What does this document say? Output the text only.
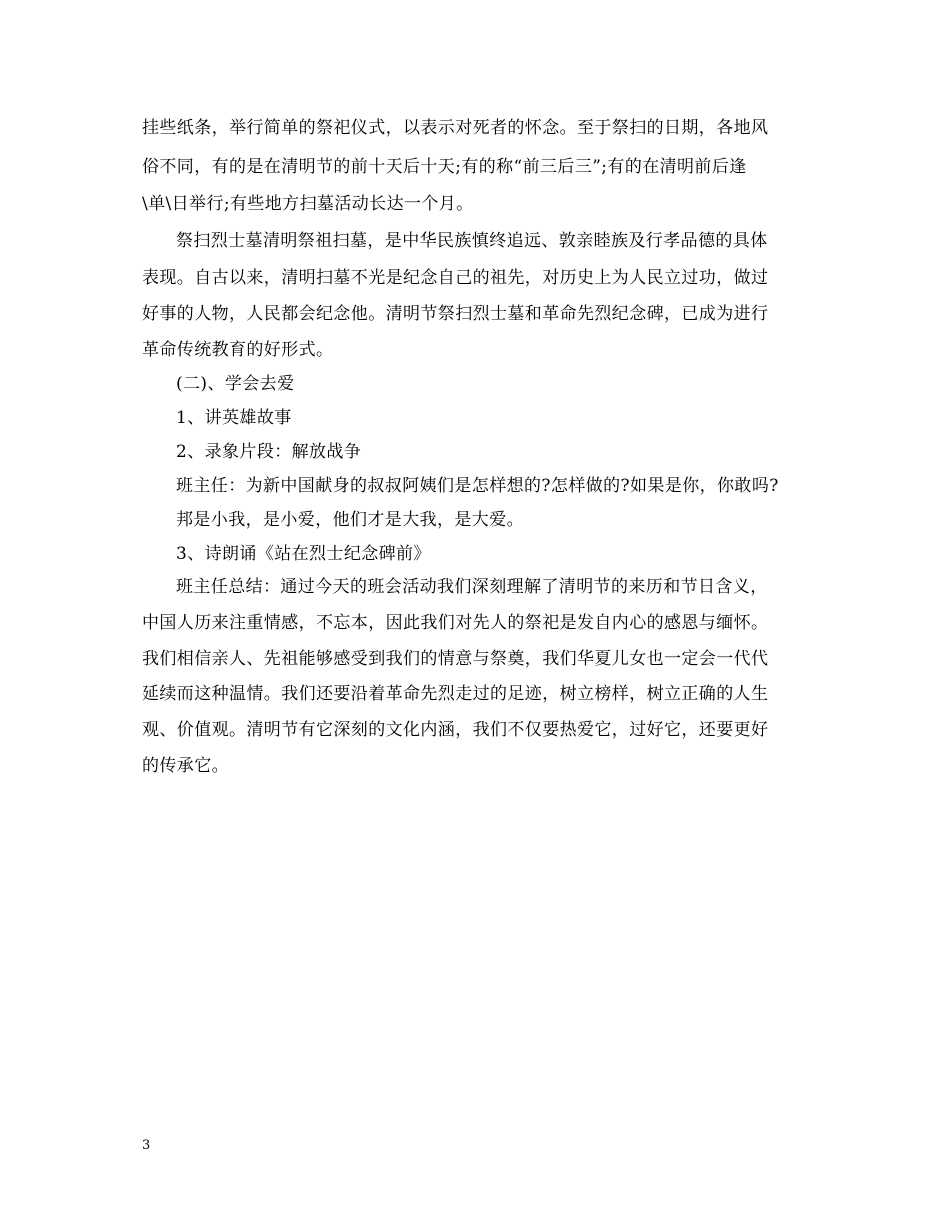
挂些纸条，举行简单的祭祀仪式，以表示对死者的怀念。至于祭扫的日期，各地风
俗不同，有的是在清明节的前十天后十天;有的称“前三后三”;有的在清明前后逢
\单\日举行;有些地方扫墓活动长达一个月。
祭扫烈士墓清明祭祖扫墓，是中华民族慎终追远、敦亲睦族及行孝品德的具体
表现。自古以来，清明扫墓不光是纪念自己的祖先，对历史上为人民立过功，做过
好事的人物，人民都会纪念他。清明节祭扫烈士墓和革命先烈纪念碑，已成为进行
革命传统教育的好形式。
(二)、学会去爱
1、讲英雄故事
2、录象片段：解放战争
班主任：为新中国献身的叔叔阿姨们是怎样想的?怎样做的?如果是你，你敢吗?
邦是小我，是小爱，他们才是大我，是大爱。
3、诗朗诵《站在烈士纪念碑前》
班主任总结：通过今天的班会活动我们深刻理解了清明节的来历和节日含义，
中国人历来注重情感，不忘本，因此我们对先人的祭祀是发自内心的感恩与缅怀。
我们相信亲人、先祖能够感受到我们的情意与祭奠，我们华夏儿女也一定会一代代
延续而这种温情。我们还要沿着革命先烈走过的足迹，树立榜样，树立正确的人生
观、价值观。清明节有它深刻的文化内涵，我们不仅要热爱它，过好它，还要更好
的传承它。
3
